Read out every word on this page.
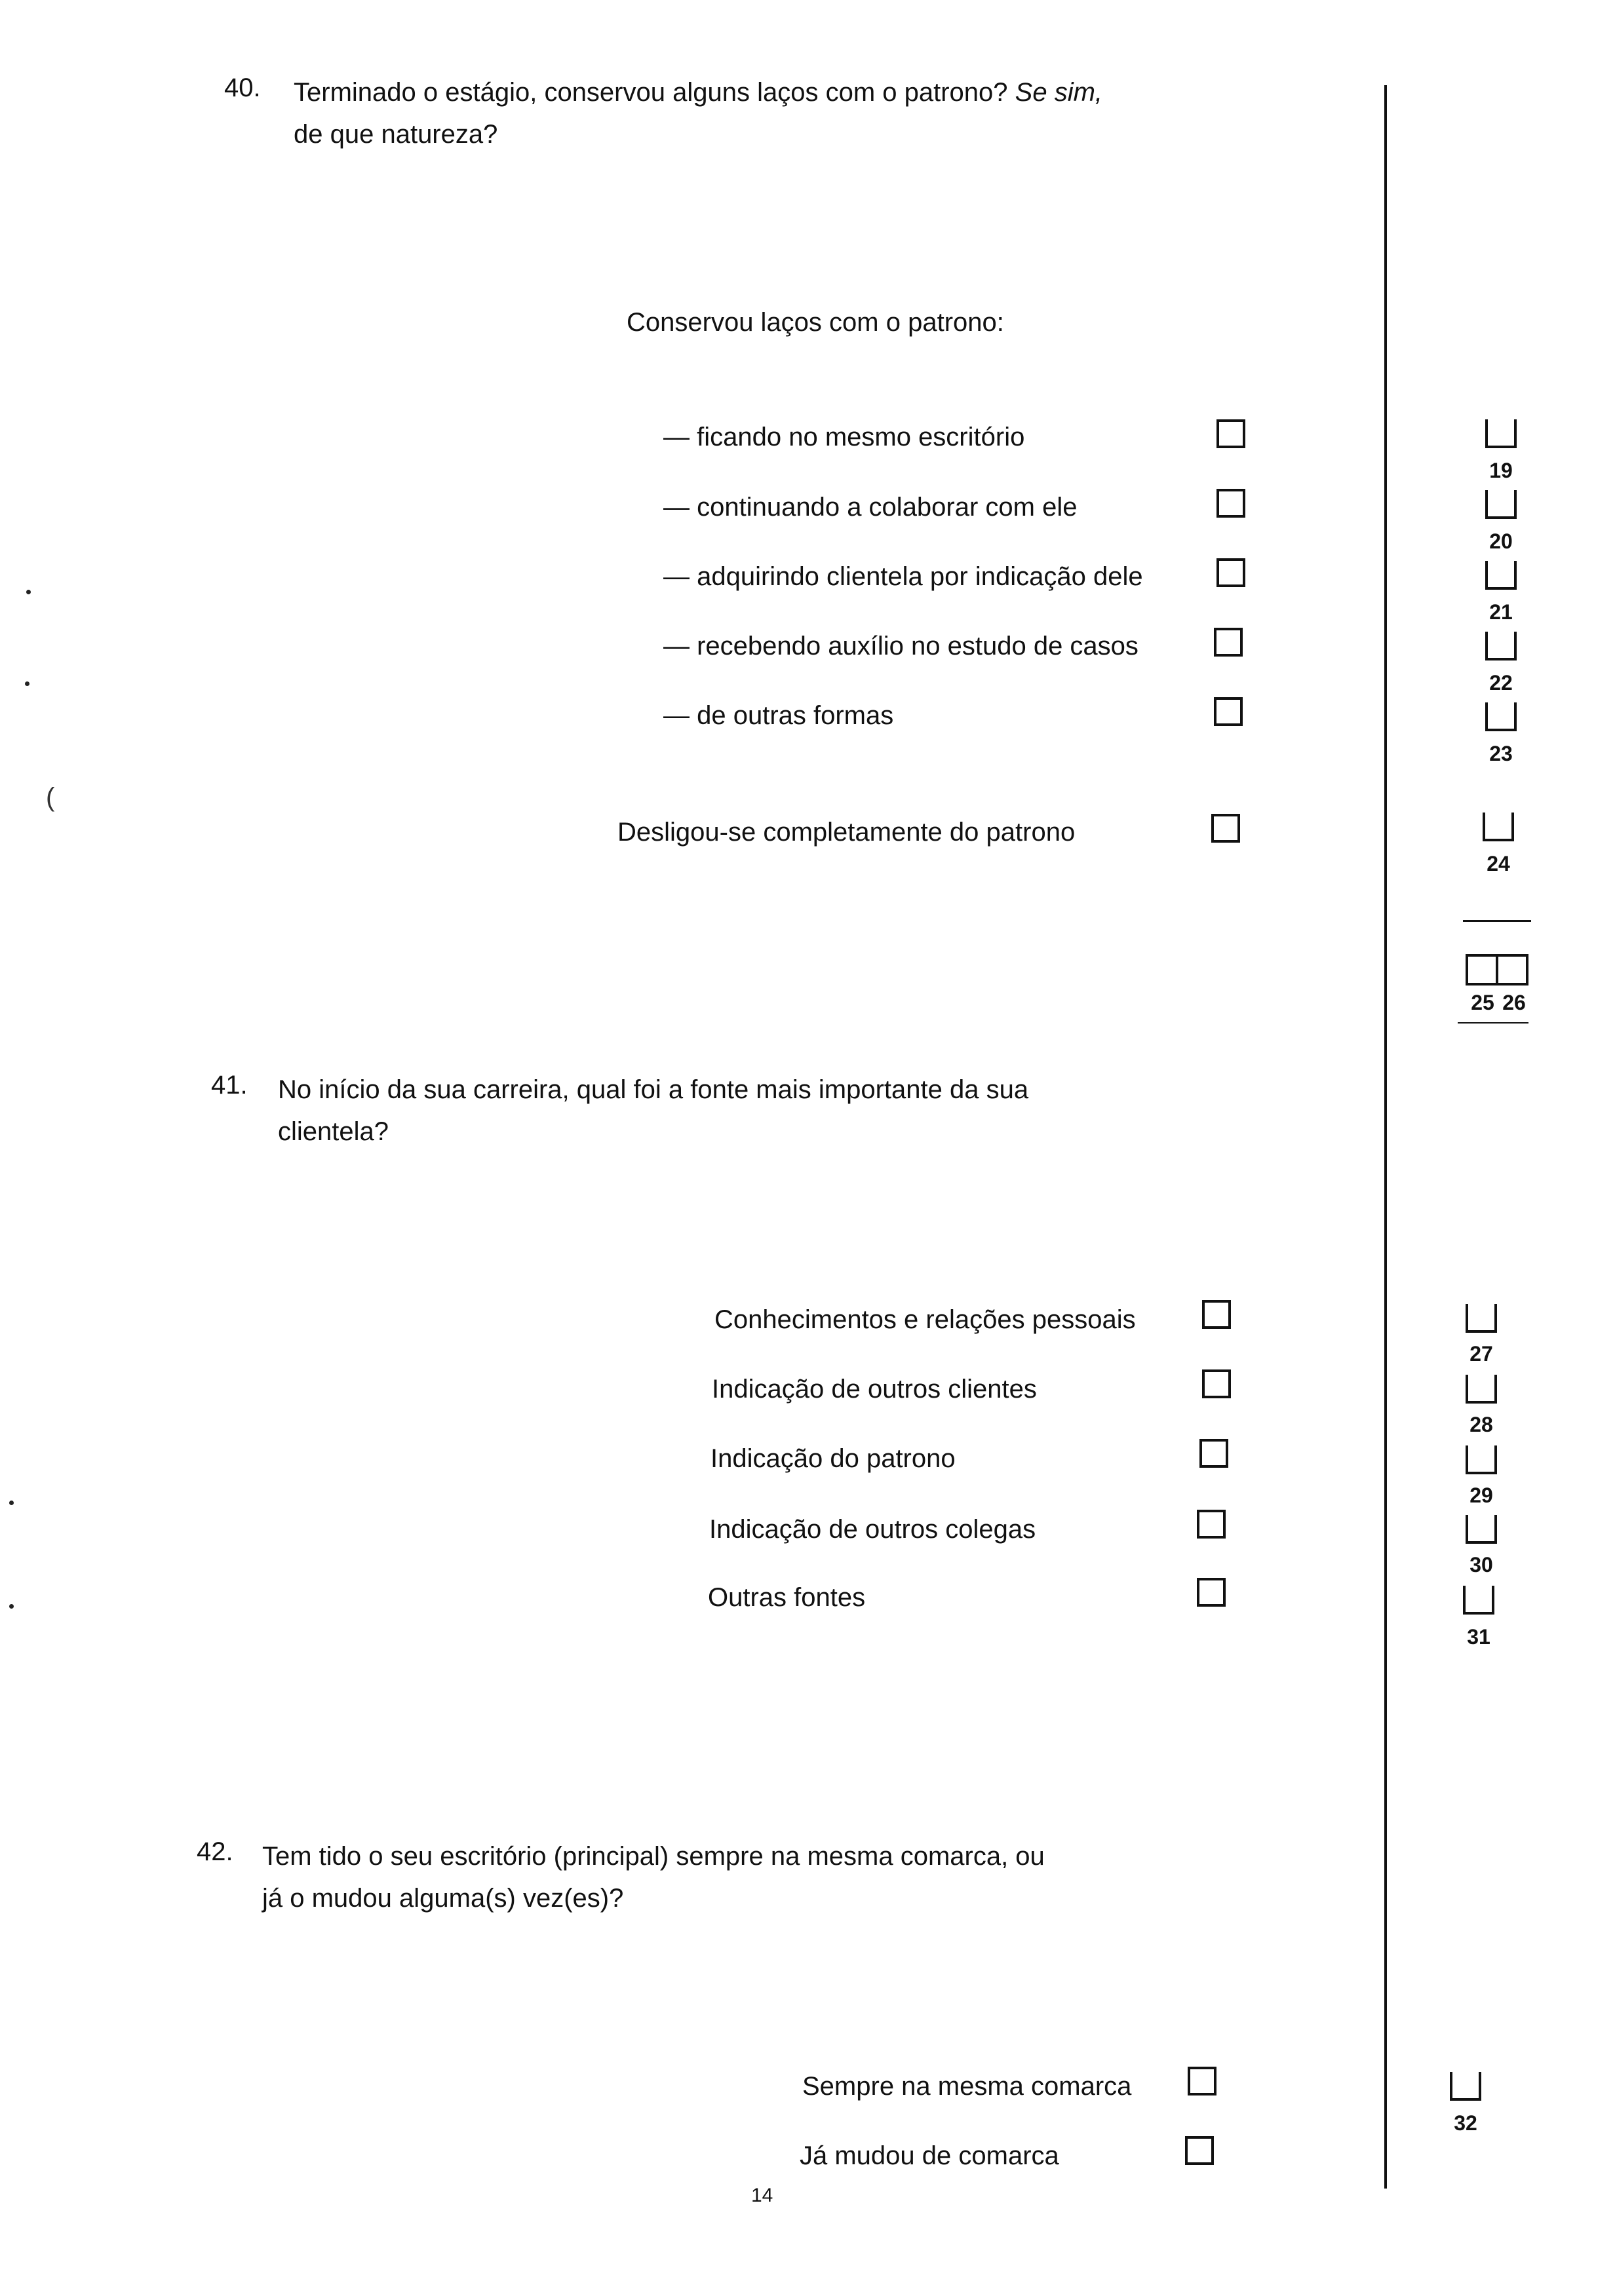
(
40. Terminado o estágio, conservou alguns laços com o patrono? Se sim,
de que natureza?
Conservou laços com o patrono:
— ficando no mesmo escritório
— continuando a colaborar com ele
— adquirindo clientela por indicação dele
— recebendo auxílio no estudo de casos
— de outras formas
Desligou-se completamente do patrono
19
20
21
22
23
24
25 26
41. No início da sua carreira, qual foi a fonte mais importante da sua
clientela?
Conhecimentos e relações pessoais
Indicação de outros clientes
Indicação do patrono
Indicação de outros colegas
Outras fontes
27
28
29
30
31
42. Tem tido o seu escritório (principal) sempre na mesma comarca, ou
já o mudou alguma(s) vez(es)?
Sempre na mesma comarca
Já mudou de comarca
32
14
